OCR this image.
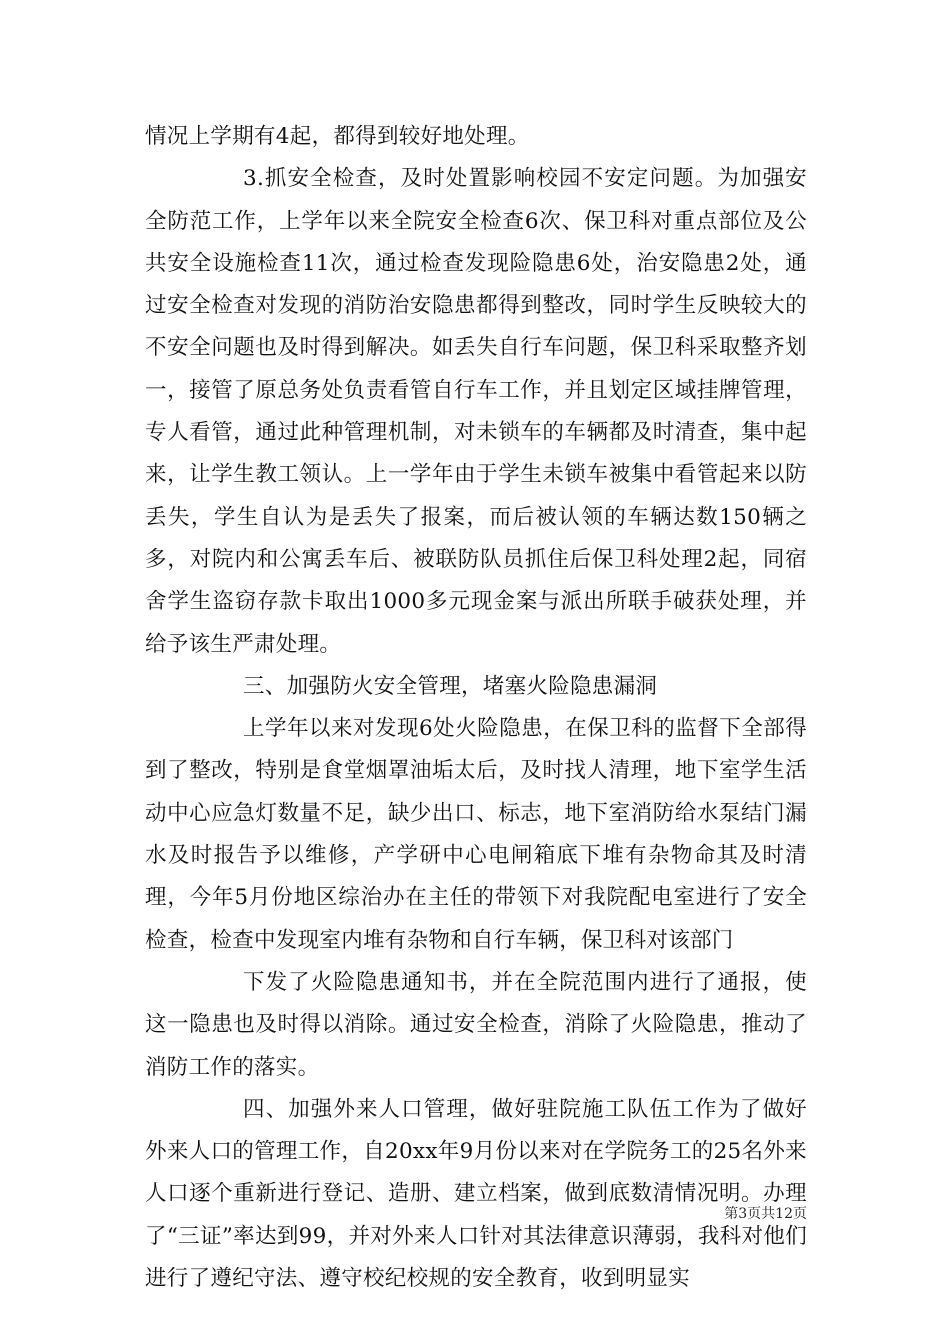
情况上学期有4起，都得到较好地处理。

3.抓安全检查，及时处置影响校园不安定问题。为加强安全防范工作，上学年以来全院安全检查6次、保卫科对重点部位及公共安全设施检查11次，通过检查发现险隐患6处，治安隐患2处，通过安全检查对发现的消防治安隐患都得到整改，同时学生反映较大的不安全问题也及时得到解决。如丢失自行车问题，保卫科采取整齐划一，接管了原总务处负责看管自行车工作，并且划定区域挂牌管理，专人看管，通过此种管理机制，对未锁车的车辆都及时清查，集中起来，让学生教工领认。上一学年由于学生未锁车被集中看管起来以防丢失，学生自认为是丢失了报案，而后被认领的车辆达数150辆之多，对院内和公寓丢车后、被联防队员抓住后保卫科处理2起，同宿舍学生盗窃存款卡取出1000多元现金案与派出所联手破获处理，并给予该生严肃处理。

三、加强防火安全管理，堵塞火险隐患漏洞

上学年以来对发现6处火险隐患，在保卫科的监督下全部得到了整改，特别是食堂烟罩油垢太后，及时找人清理，地下室学生活动中心应急灯数量不足，缺少出口、标志，地下室消防给水泵结门漏水及时报告予以维修，产学研中心电闸箱底下堆有杂物命其及时清理，今年5月份地区综治办在主任的带领下对我院配电室进行了安全检查，检查中发现室内堆有杂物和自行车辆，保卫科对该部门

下发了火险隐患通知书，并在全院范围内进行了通报，使这一隐患也及时得以消除。通过安全检查，消除了火险隐患，推动了消防工作的落实。

四、加强外来人口管理，做好驻院施工队伍工作为了做好外来人口的管理工作，自20xx年9月份以来对在学院务工的25名外来人口逐个重新进行登记、造册、建立档案，做到底数清情况明。办理了“三证”率达到99，并对外来人口针对其法律意识薄弱，我科对他们进行了遵纪守法、遵守校纪校规的安全教育，收到明显实

第3页共12页
